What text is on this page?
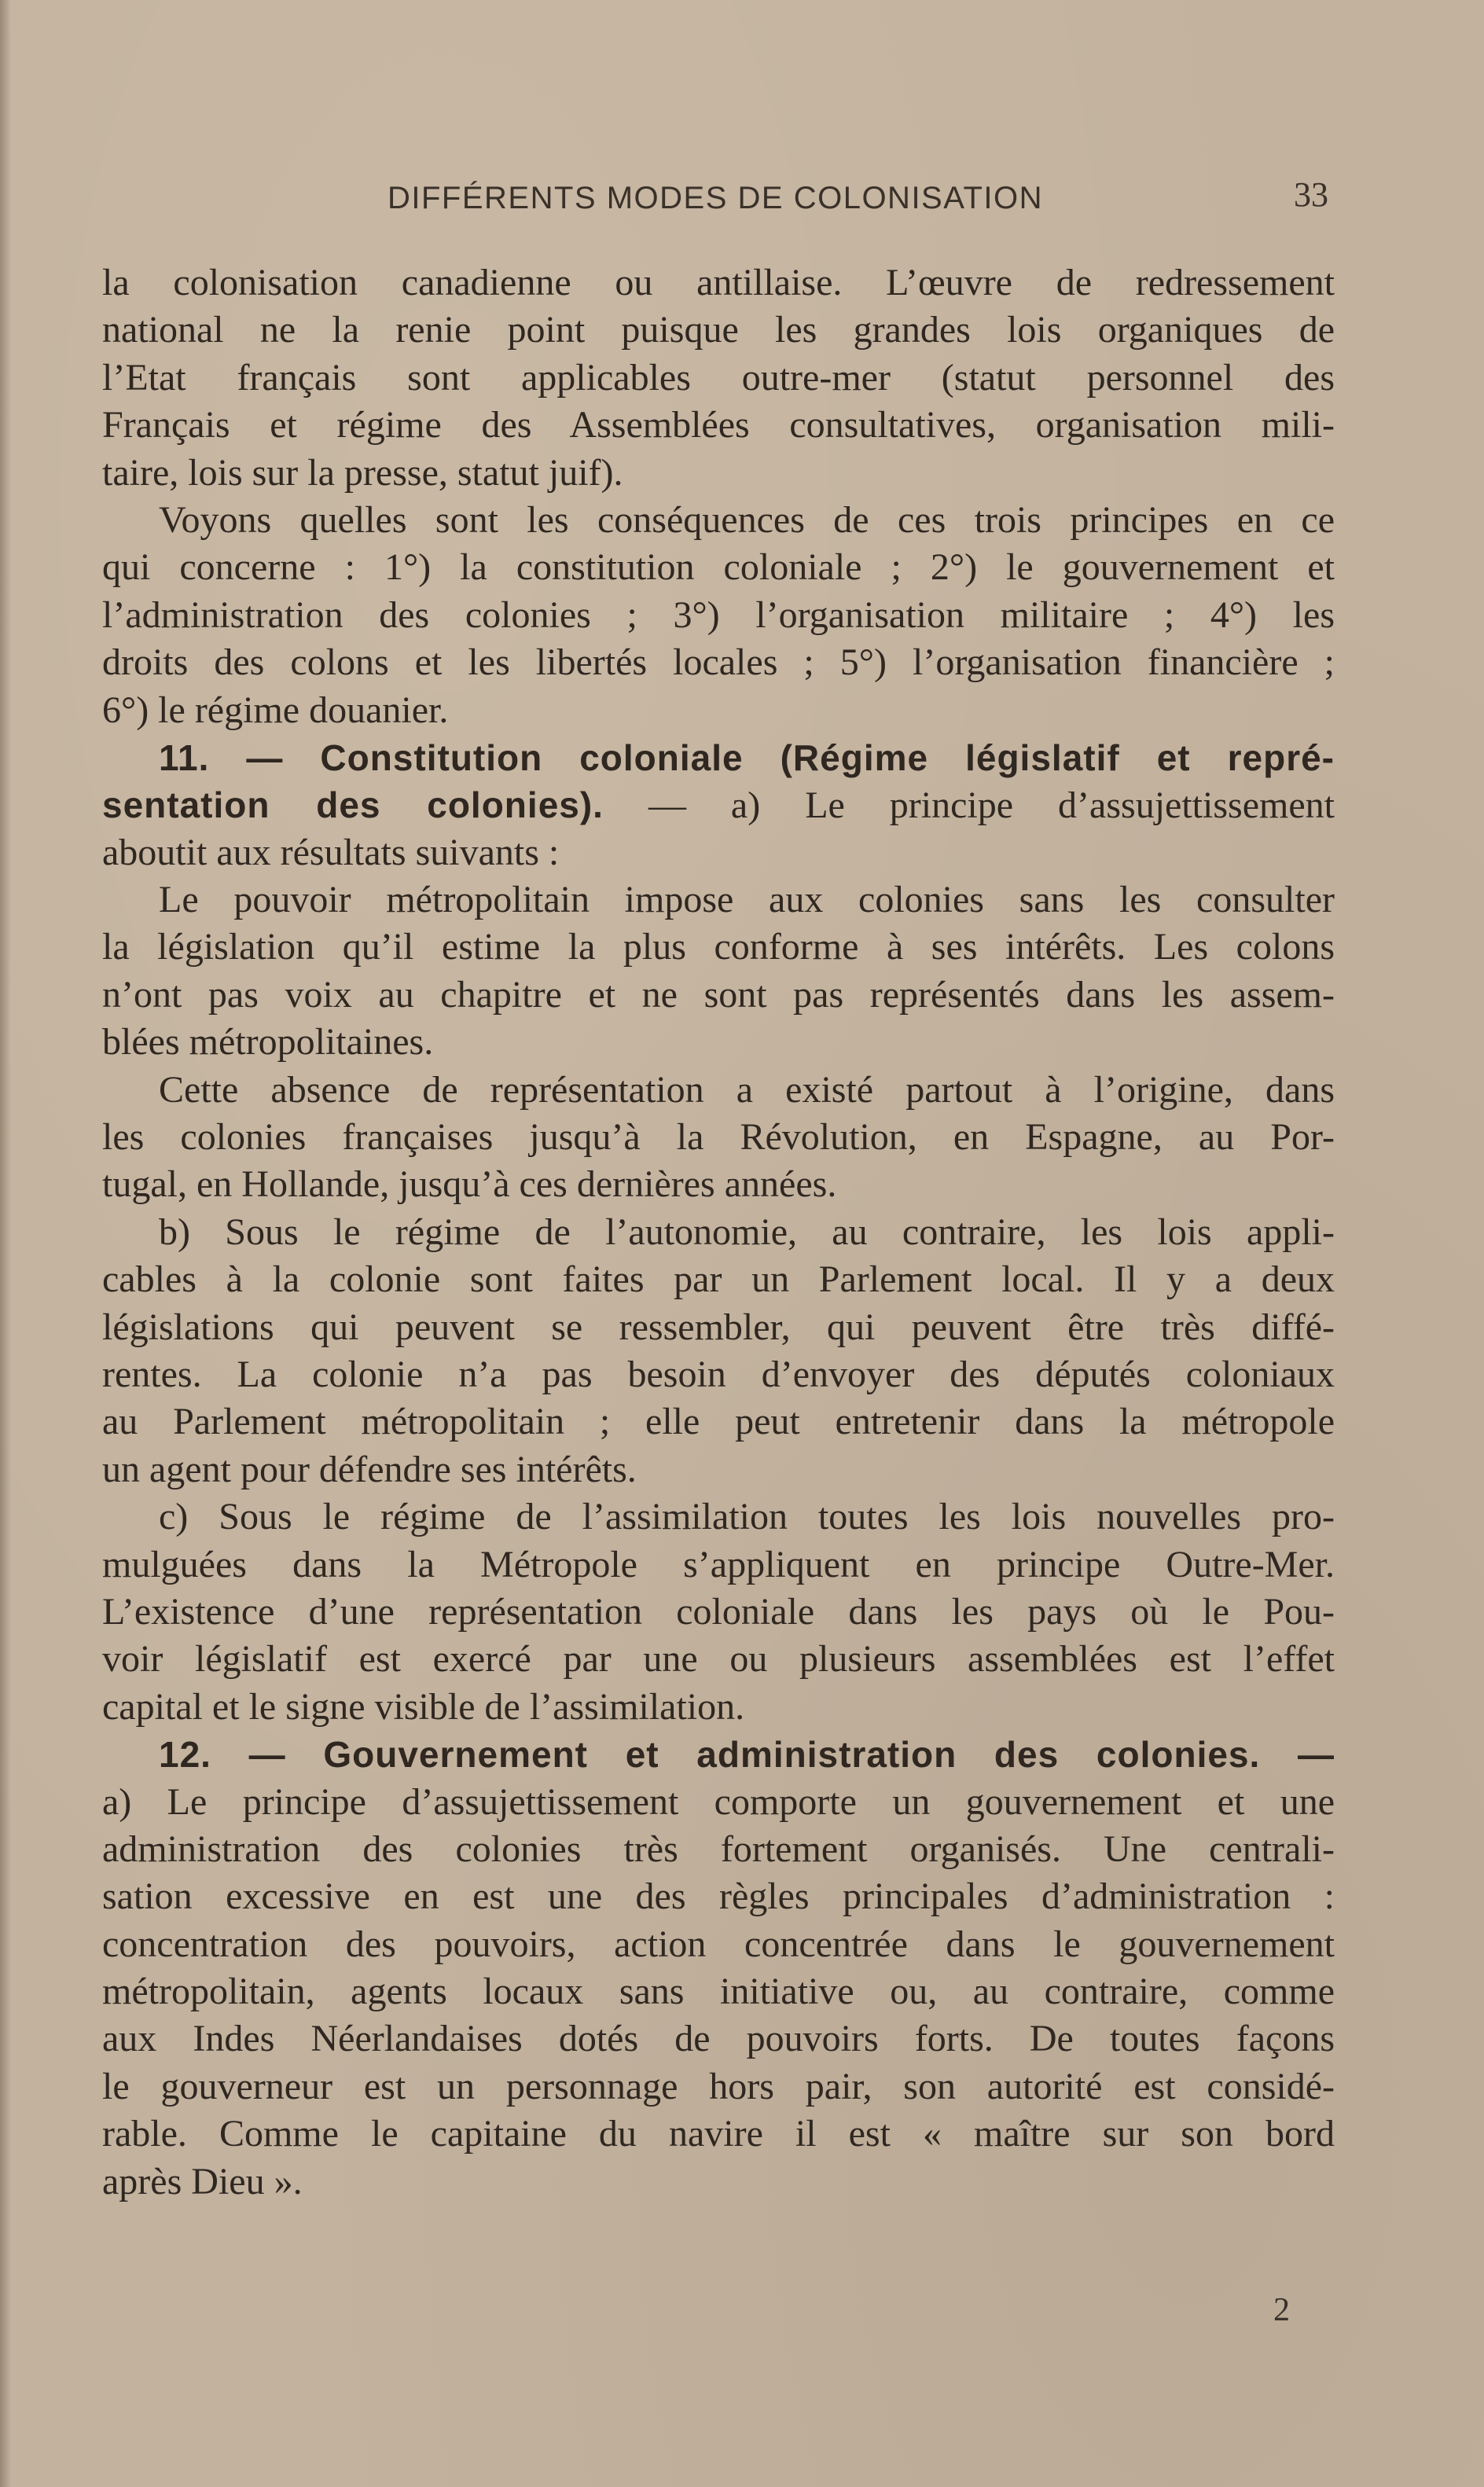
DIFFÉRENTS MODES DE COLONISATION	33
la colonisation canadienne ou antillaise. L’œuvre de redressement
national ne la renie point puisque les grandes lois organiques de
l’Etat français sont applicables outre-mer (statut personnel des
Français et régime des Assemblées consultatives, organisation mili-
taire, lois sur la presse, statut juif).
Voyons quelles sont les conséquences de ces trois principes en ce
qui concerne : 1°) la constitution coloniale ; 2°) le gouvernement et
l’administration des colonies ; 3°) l’organisation militaire ; 4°) les
droits des colons et les libertés locales ; 5°) l’organisation financière ;
6°) le régime douanier.
11. — Constitution coloniale (Régime législatif et repré-
sentation des colonies). — a) Le principe d’assujettissement
aboutit aux résultats suivants :
Le pouvoir métropolitain impose aux colonies sans les consulter
la législation qu’il estime la plus conforme à ses intérêts. Les colons
n’ont pas voix au chapitre et ne sont pas représentés dans les assem-
blées métropolitaines.
Cette absence de représentation a existé partout à l’origine, dans
les colonies françaises jusqu’à la Révolution, en Espagne, au Por-
tugal, en Hollande, jusqu’à ces dernières années.
b) Sous le régime de l’autonomie, au contraire, les lois appli-
cables à la colonie sont faites par un Parlement local. Il y a deux
législations qui peuvent se ressembler, qui peuvent être très diffé-
rentes. La colonie n’a pas besoin d’envoyer des députés coloniaux
au Parlement métropolitain ; elle peut entretenir dans la métropole
un agent pour défendre ses intérêts.
c) Sous le régime de l’assimilation toutes les lois nouvelles pro-
mulguées dans la Métropole s’appliquent en principe Outre-Mer.
L’existence d’une représentation coloniale dans les pays où le Pou-
voir législatif est exercé par une ou plusieurs assemblées est l’effet
capital et le signe visible de l’assimilation.
12. — Gouvernement et administration des colonies. —
a) Le principe d’assujettissement comporte un gouvernement et une
administration des colonies très fortement organisés. Une centrali-
sation excessive en est une des règles principales d’administration :
concentration des pouvoirs, action concentrée dans le gouvernement
métropolitain, agents locaux sans initiative ou, au contraire, comme
aux Indes Néerlandaises dotés de pouvoirs forts. De toutes façons
le gouverneur est un personnage hors pair, son autorité est considé-
rable. Comme le capitaine du navire il est « maître sur son bord
après Dieu ».
2
